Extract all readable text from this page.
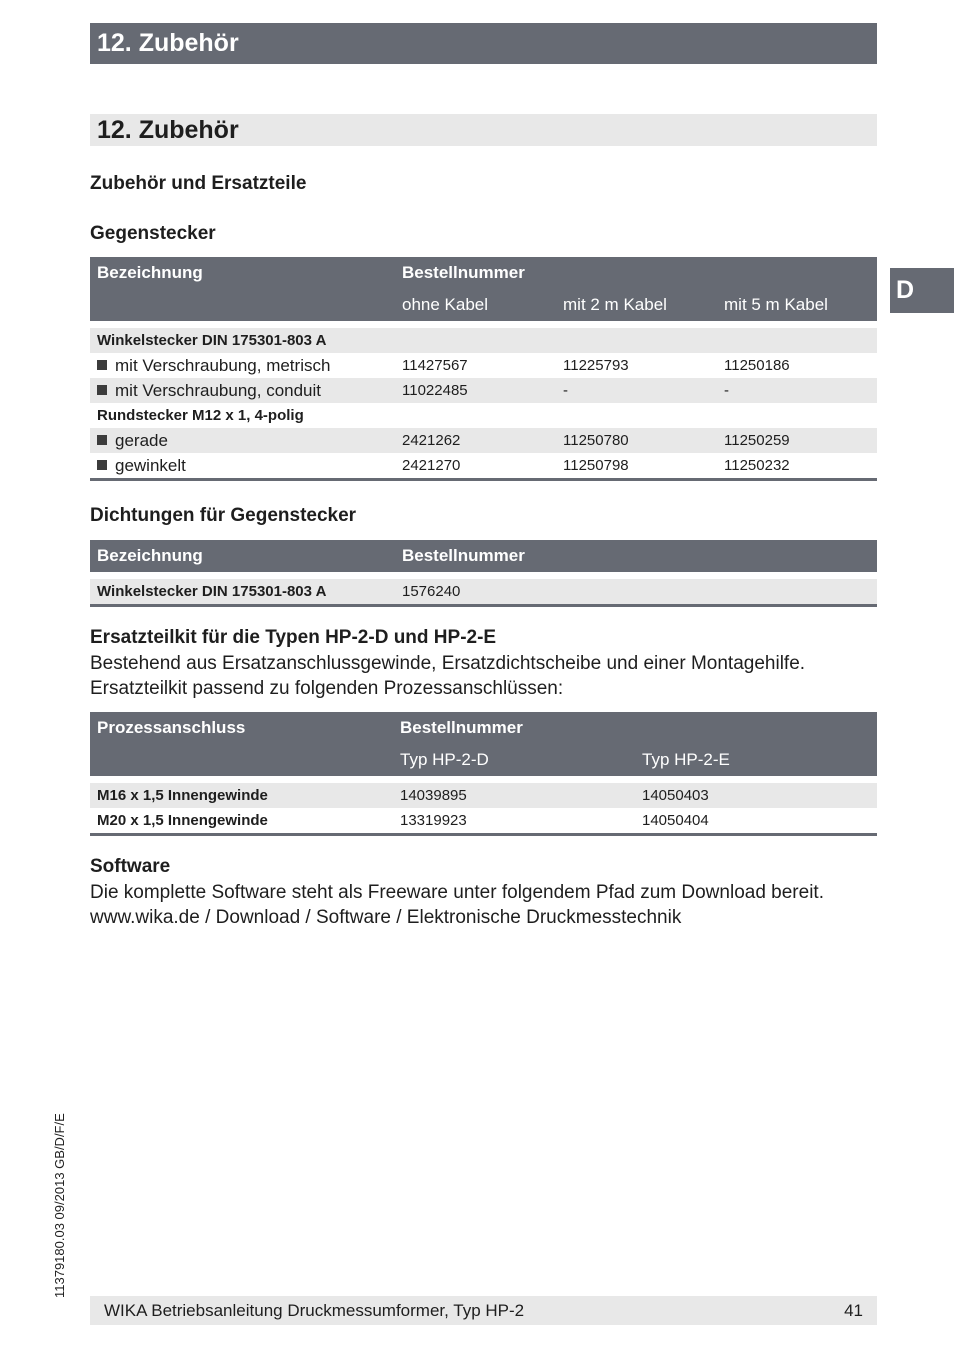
12. Zubehör
12. Zubehör
D
Zubehör und Ersatzteile
Gegenstecker
Bezeichnung	Bestellnummer		
	ohne Kabel	mit 2 m Kabel	mit 5 m Kabel

Winkelstecker DIN 175301-803 A			
mit Verschraubung, metrisch	11427567	11225793	11250186
mit Verschraubung, conduit	11022485	-	-
Rundstecker M12 x 1, 4-polig			
gerade	2421262	11250780	11250259
gewinkelt	2421270	11250798	11250232

Dichtungen für Gegenstecker
Bezeichnung	Bestellnummer

Winkelstecker DIN 175301-803 A	1576240

Ersatzteilkit für die Typen HP-2-D und HP-2-E
Bestehend aus Ersatzanschlussgewinde, Ersatzdichtscheibe und einer Montagehilfe.
Ersatzteilkit passend zu folgenden Prozessanschlüssen:
Prozessanschluss	Bestellnummer	
	Typ HP-2-D	Typ HP-2-E

M16 x 1,5 Innengewinde	14039895	14050403
M20 x 1,5 Innengewinde	13319923	14050404

Software
Die komplette Software steht als Freeware unter folgendem Pfad zum Download bereit.
www.wika.de / Download / Software / Elektronische Druckmesstechnik
11379180.03 09/2013 GB/D/F/E
WIKA Betriebsanleitung Druckmessumformer, Typ HP-2	41
